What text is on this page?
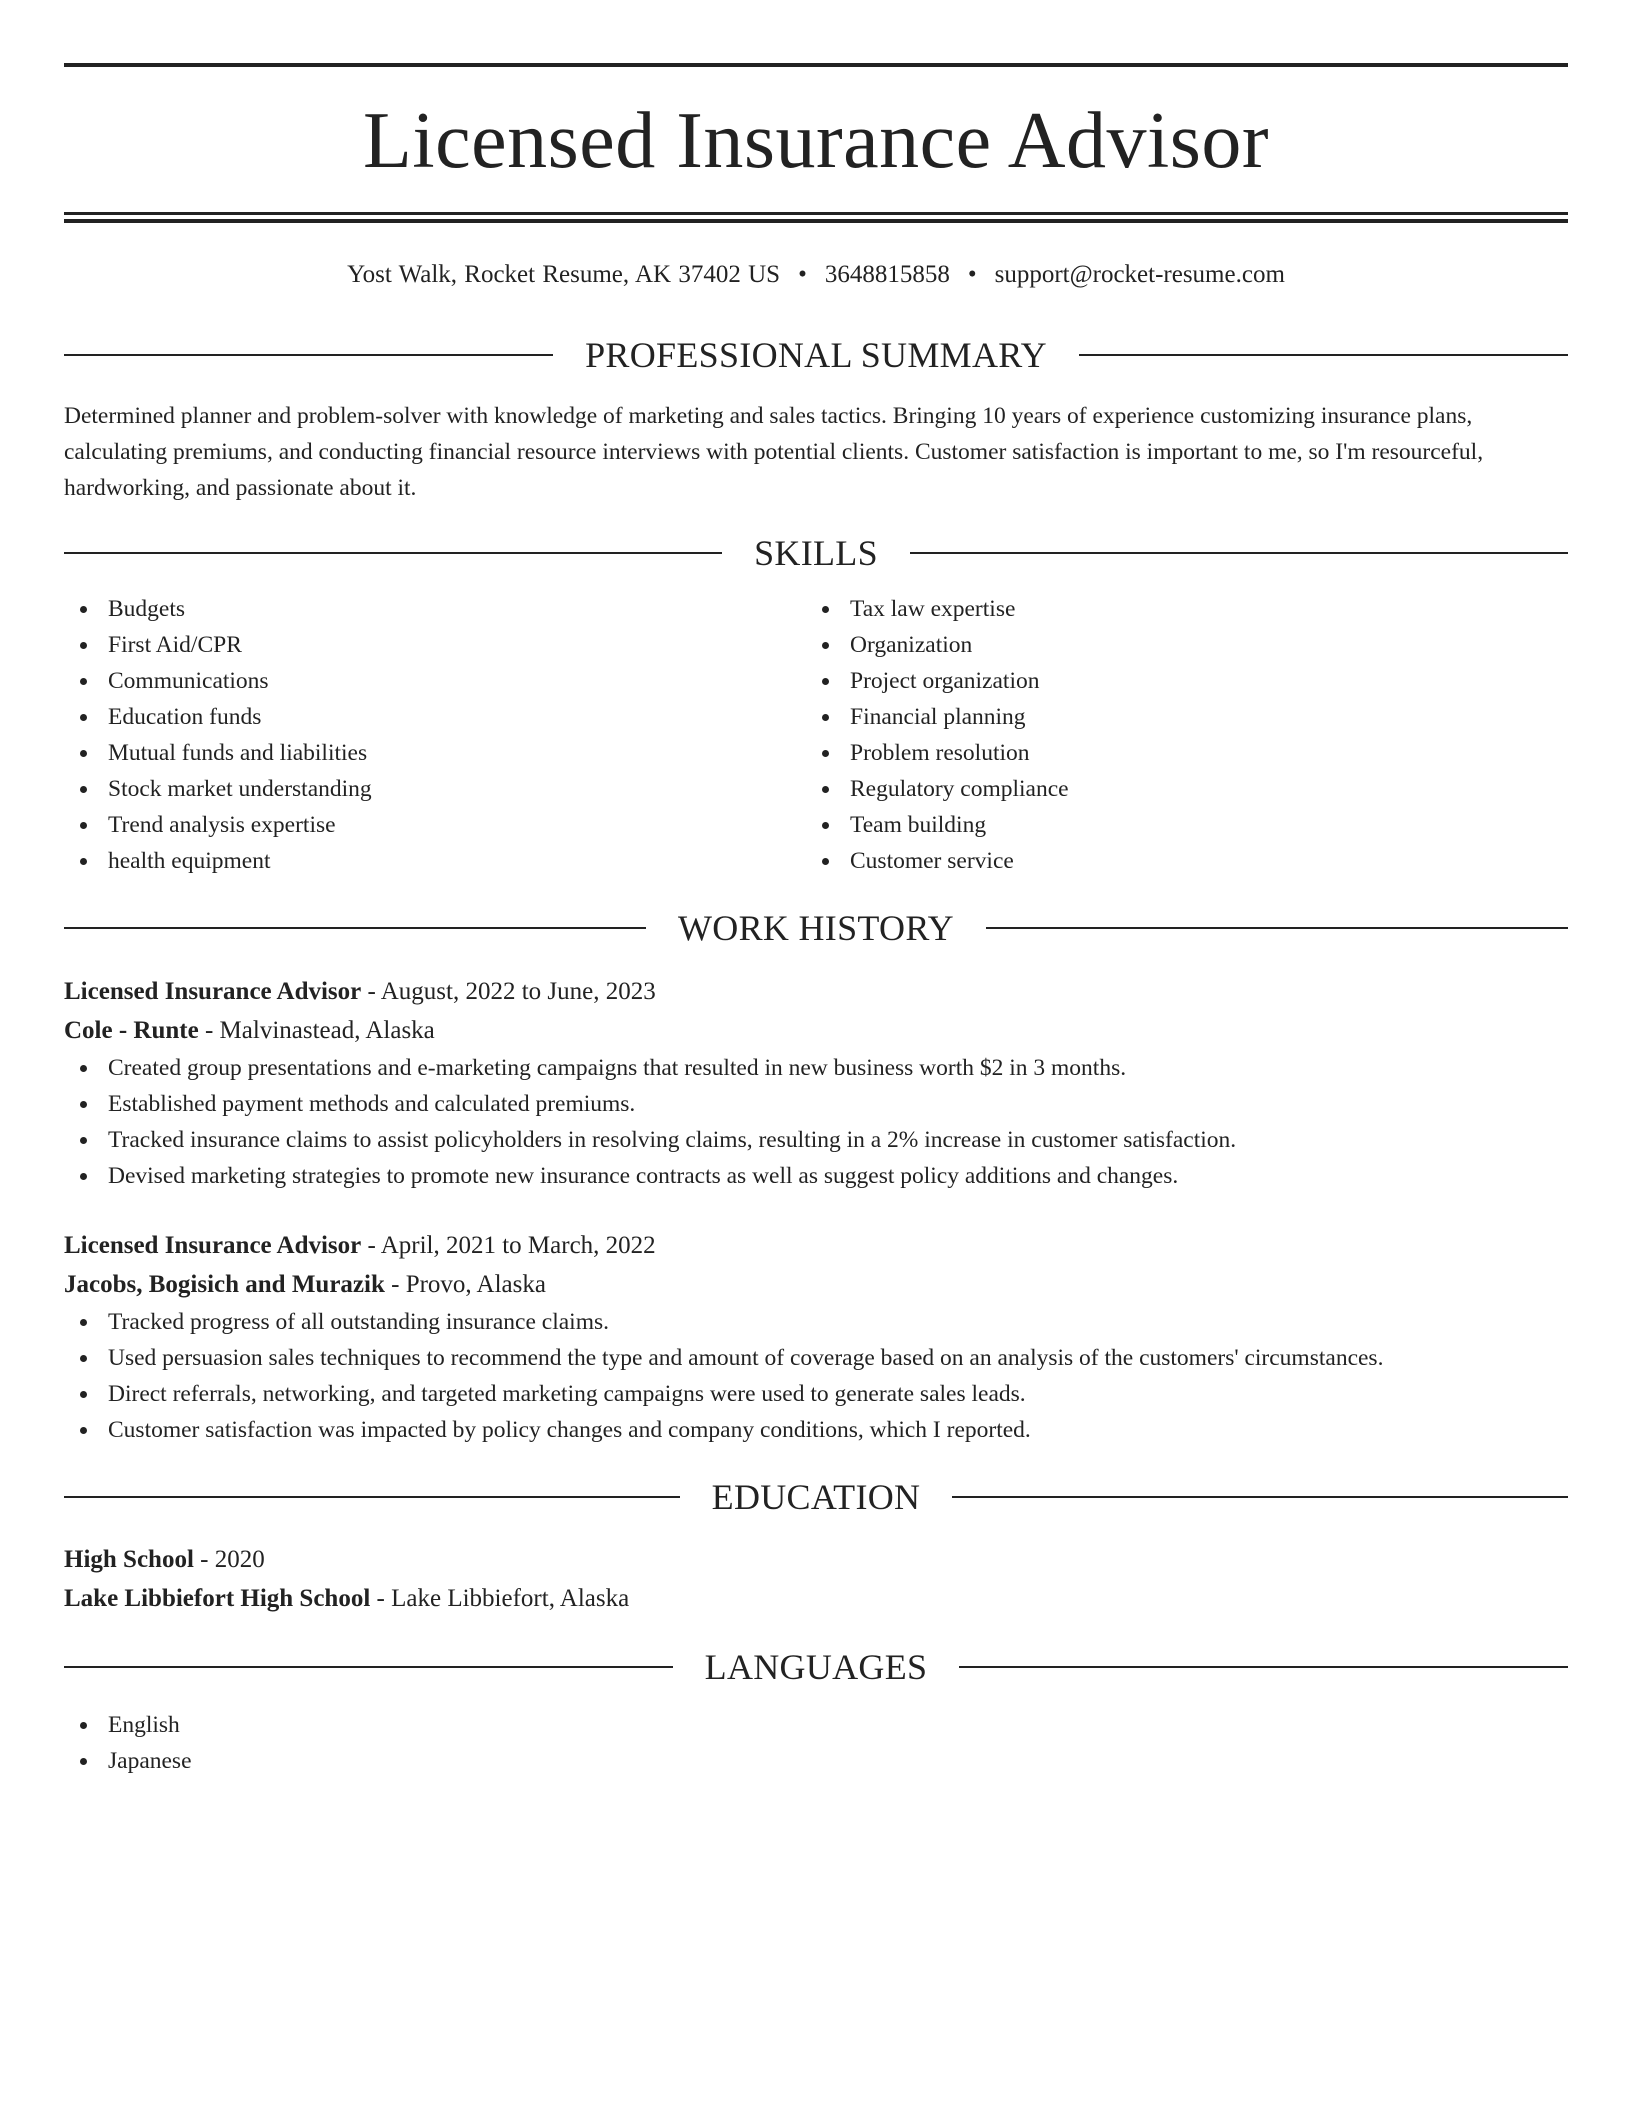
Licensed Insurance Advisor
Yost Walk, Rocket Resume, AK 37402 US • 3648815858 • support@rocket-resume.com
PROFESSIONAL SUMMARY

Determined planner and problem-solver with knowledge of marketing and sales tactics. Bringing 10 years of experience customizing insurance plans, calculating premiums, and conducting financial resource interviews with potential clients. Customer satisfaction is important to me, so I'm resourceful, hardworking, and passionate about it.

SKILLS
Budgets
First Aid/CPR
Communications
Education funds
Mutual funds and liabilities
Stock market understanding
Trend analysis expertise
health equipment
Tax law expertise
Organization
Project organization
Financial planning
Problem resolution
Regulatory compliance
Team building
Customer service
WORK HISTORY

Licensed Insurance Advisor - August, 2022 to June, 2023

Cole - Runte - Malvinastead, Alaska

Created group presentations and e-marketing campaigns that resulted in new business worth $2 in 3 months.
Established payment methods and calculated premiums.
Tracked insurance claims to assist policyholders in resolving claims, resulting in a 2% increase in customer satisfaction.
Devised marketing strategies to promote new insurance contracts as well as suggest policy additions and changes.

Licensed Insurance Advisor - April, 2021 to March, 2022

Jacobs, Bogisich and Murazik - Provo, Alaska

Tracked progress of all outstanding insurance claims.
Used persuasion sales techniques to recommend the type and amount of coverage based on an analysis of the customers' circumstances.
Direct referrals, networking, and targeted marketing campaigns were used to generate sales leads.
Customer satisfaction was impacted by policy changes and company conditions, which I reported.
EDUCATION

High School - 2020

Lake Libbiefort High School - Lake Libbiefort, Alaska

LANGUAGES
English
Japanese
